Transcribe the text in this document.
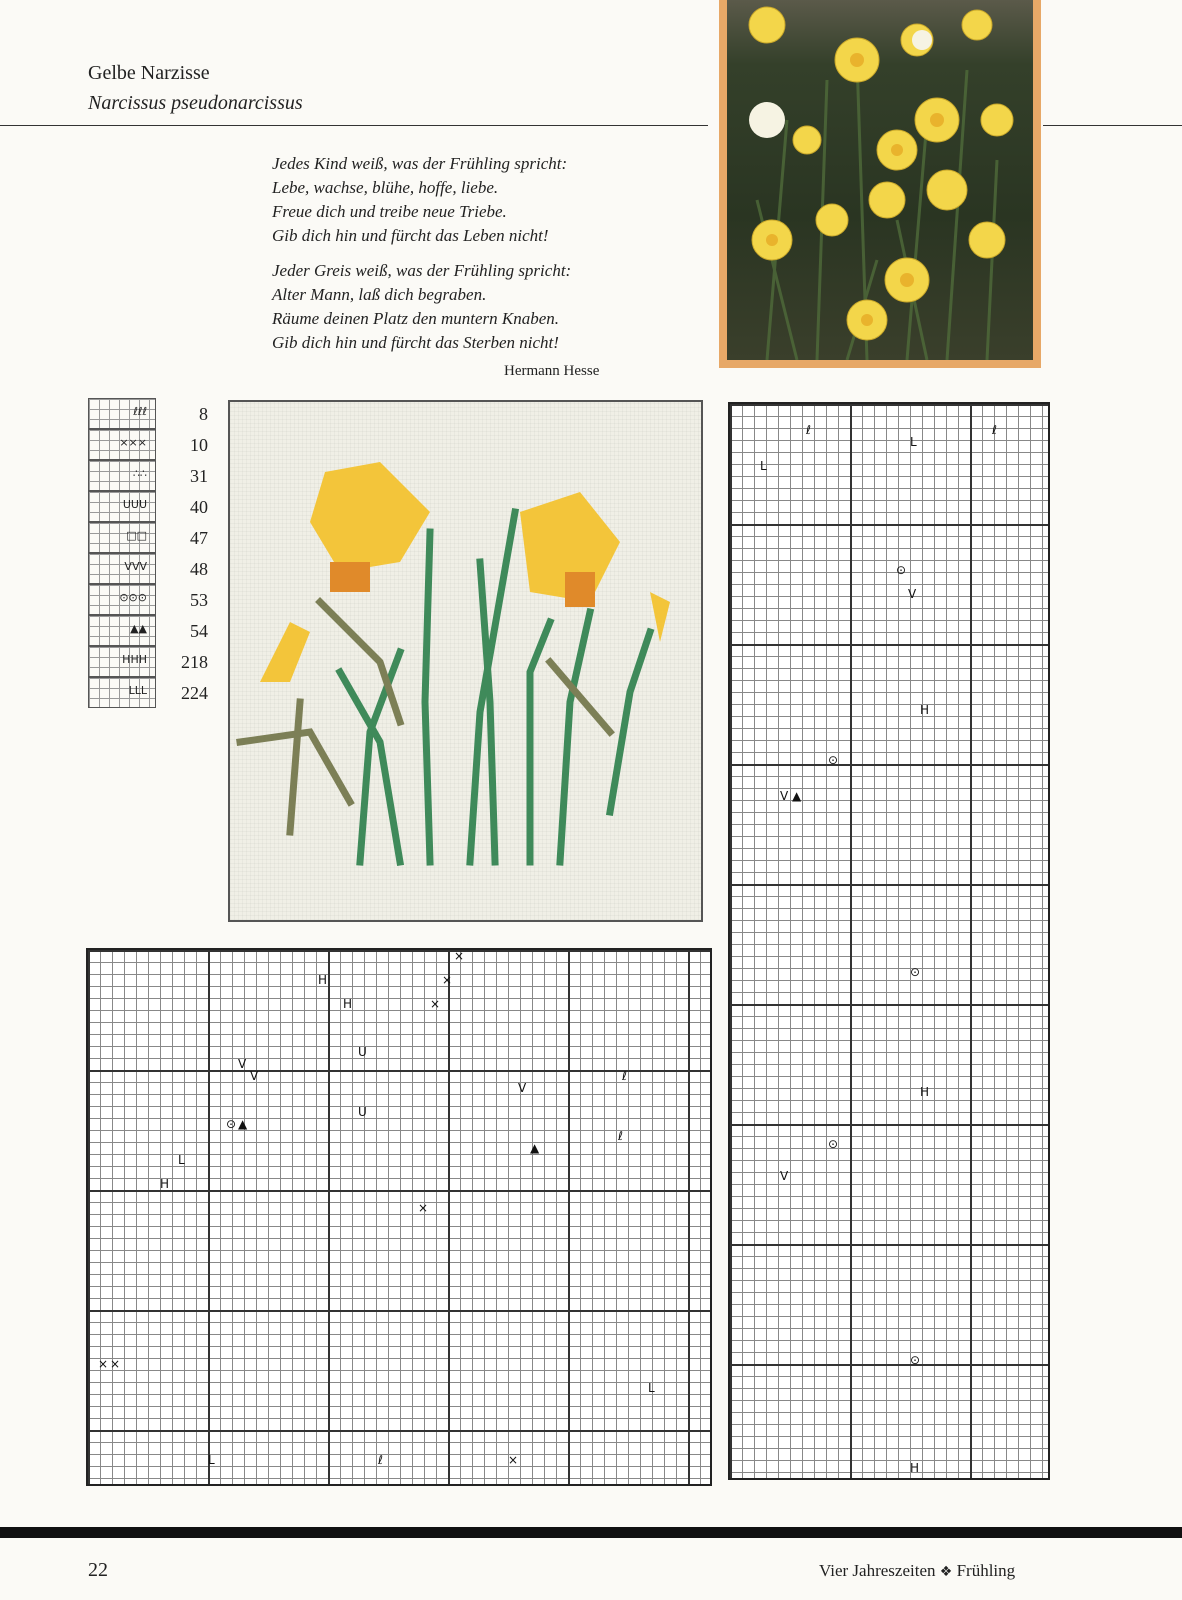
Gelbe Narzisse
Narcissus pseudonarcissus
Jedes Kind weiß, was der Frühling spricht:
Lebe, wachse, blühe, hoffe, liebe.
Freue dich und treibe neue Triebe.
Gib dich hin und fürcht das Leben nicht!
Jeder Greis weiß, was der Frühling spricht:
Alter Mann, laß dich begraben.
Räume deinen Platz den muntern Knaben.
Gib dich hin und fürcht das Sterben nicht!
Hermann Hesse
ℓℓℓ	8
×××	10
∴∴	31
UUU	40
□□	47
VVV	48
⊙⊙⊙	53
▲▲	54
HHH	218
LLL	224
H
H
×
×
×
V
V
⊙ ▲
V
▲
L
H
U
U
×
ℓ
ℓ
× ×
L
L	ℓ	×
ℓ
L
ℓ
L
⊙
V
H
⊙
V ▲
⊙
H
⊙
V
⊙
H
22	Vier Jahreszeiten ❖ Frühling
